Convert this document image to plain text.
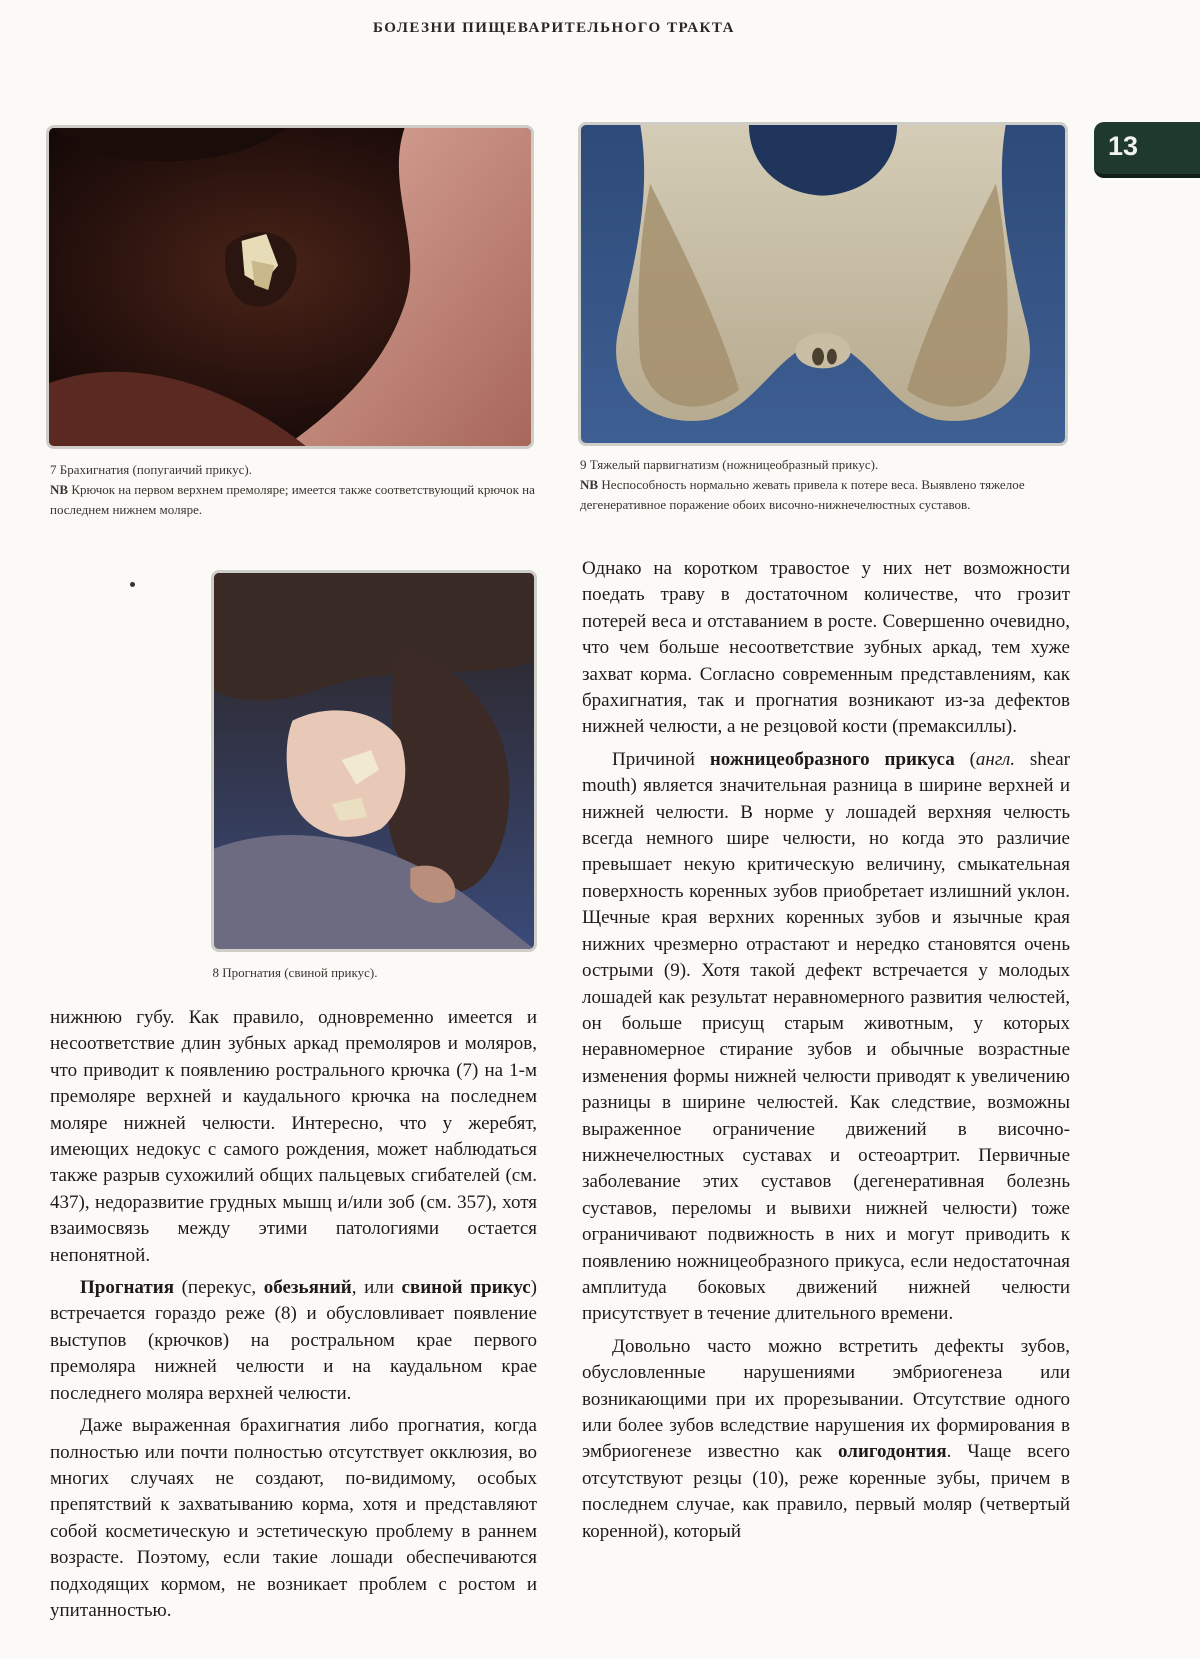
БОЛЕЗНИ ПИЩЕВАРИТЕЛЬНОГО ТРАКТА
13
7 Брахигнатия (попугаичий прикус).
NB Крючок на первом верхнем премоляре; имеется также соответствующий крючок на последнем нижнем моляре.
9 Тяжелый парвигнатизм (ножницеобразный прикус).
NB Неспособность нормально жевать привела к потере веса. Выявлено тяжелое дегенеративное поражение обоих височно-нижнечелюстных суставов.
8 Прогнатия (свиной прикус).

нижнюю губу. Как правило, одновременно имеется и несоответствие длин зубных аркад премоляров и моляров, что приводит к появлению рострального крючка (7) на 1-м премоляре верхней и каудального крючка на последнем моляре нижней челюсти. Интересно, что у жеребят, имеющих недокус с самого рождения, может наблюдаться также разрыв сухожилий общих пальцевых сгибателей (см. 437), недоразвитие грудных мышц и/или зоб (см. 357), хотя взаимосвязь между этими патологиями остается непонятной.

Прогнатия (перекус, обезьяний, или свиной прикус) встречается гораздо реже (8) и обусловливает появление выступов (крючков) на ростральном крае первого премоляра нижней челюсти и на каудальном крае последнего моляра верхней челюсти.

Даже выраженная брахигнатия либо прогнатия, когда полностью или почти полностью отсутствует окклюзия, во многих случаях не создают, по-видимому, особых препятствий к захватыванию корма, хотя и представляют собой косметическую и эстетическую проблему в раннем возрасте. Поэтому, если такие лошади обеспечиваются подходящих кормом, не возникает проблем с ростом и упитанностью.

Однако на коротком травостое у них нет возможности поедать траву в достаточном количестве, что грозит потерей веса и отставанием в росте. Совершенно очевидно, что чем больше несоответствие зубных аркад, тем хуже захват корма. Согласно современным представлениям, как брахигнатия, так и прогнатия возникают из-за дефектов нижней челюсти, а не резцовой кости (премаксиллы).

Причиной ножницеобразного прикуса (англ. shear mouth) является значительная разница в ширине верхней и нижней челюсти. В норме у лошадей верхняя челюсть всегда немного шире челюсти, но когда это различие превышает некую критическую величину, смыкательная поверхность коренных зубов приобретает излишний уклон. Щечные края верхних коренных зубов и язычные края нижних чрезмерно отрастают и нередко становятся очень острыми (9). Хотя такой дефект встречается у молодых лошадей как результат неравномерного развития челюстей, он больше присущ старым животным, у которых неравномерное стирание зубов и обычные возрастные изменения формы нижней челюсти приводят к увеличению разницы в ширине челюстей. Как следствие, возможны выраженное ограничение движений в височно-нижнечелюстных суставах и остеоартрит. Первичные заболевание этих суставов (дегенеративная болезнь суставов, переломы и вывихи нижней челюсти) тоже ограничивают подвижность в них и могут приводить к появлению ножницеобразного прикуса, если недостаточная амплитуда боковых движений нижней челюсти присутствует в течение длительного времени.

Довольно часто можно встретить дефекты зубов, обусловленные нарушениями эмбриогенеза или возникающими при их прорезывании. Отсутствие одного или более зубов вследствие нарушения их формирования в эмбриогенезе известно как олигодонтия. Чаще всего отсутствуют резцы (10), реже коренные зубы, причем в последнем случае, как правило, первый моляр (четвертый коренной), который
